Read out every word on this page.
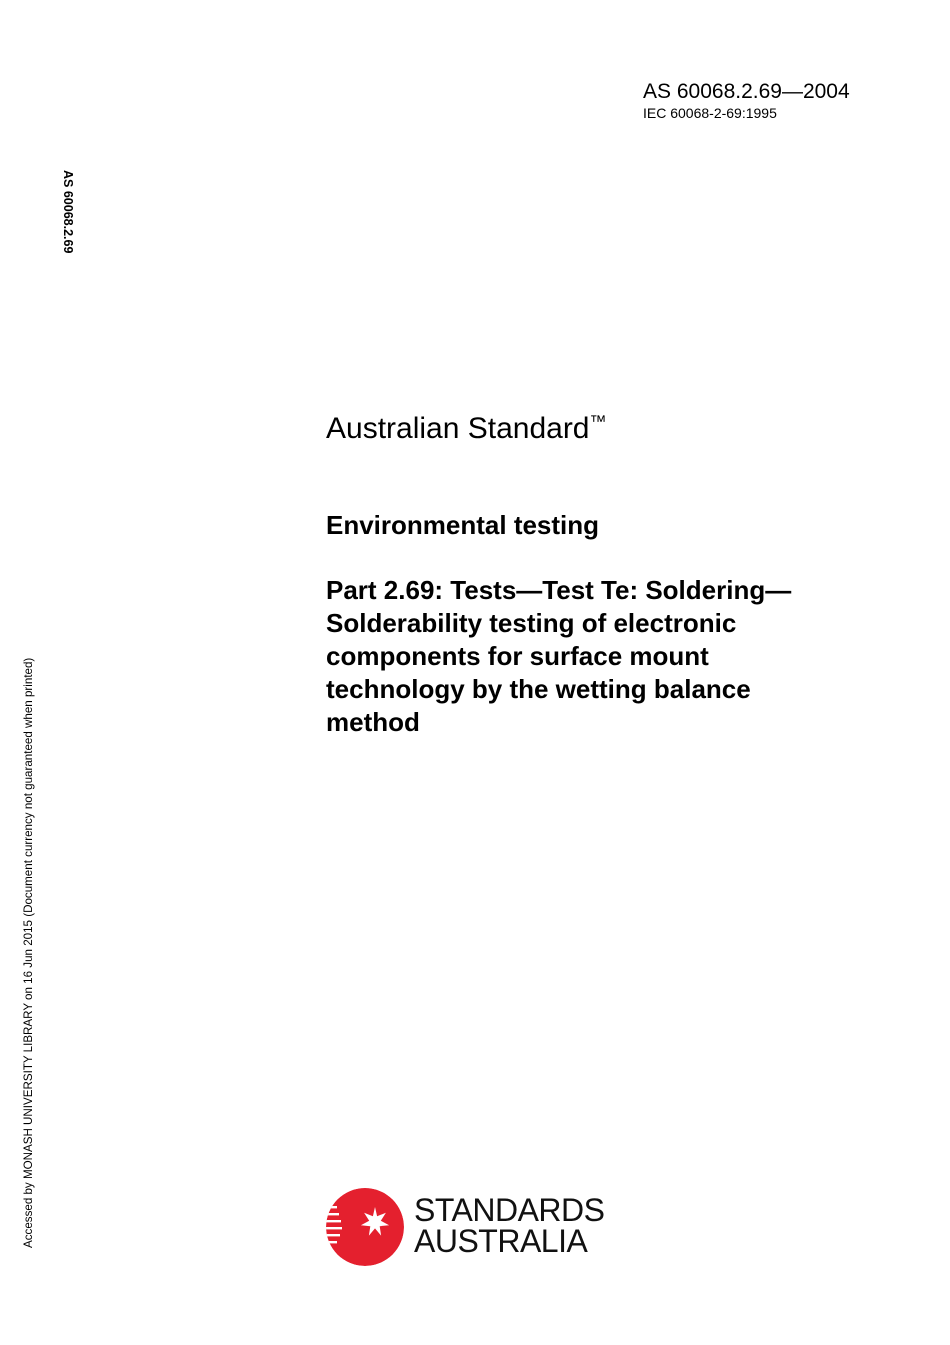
AS 60068.2.69—2004
IEC 60068-2-69:1995
AS 60068.2.69
Accessed by MONASH UNIVERSITY LIBRARY on 16 Jun 2015 (Document currency not guaranteed when printed)
Australian Standard™
Environmental testing
Part 2.69: Tests—Test Te: Soldering—
Solderability testing of electronic
components for surface mount
technology by the wetting balance
method
STANDARDS
AUSTRALIA
